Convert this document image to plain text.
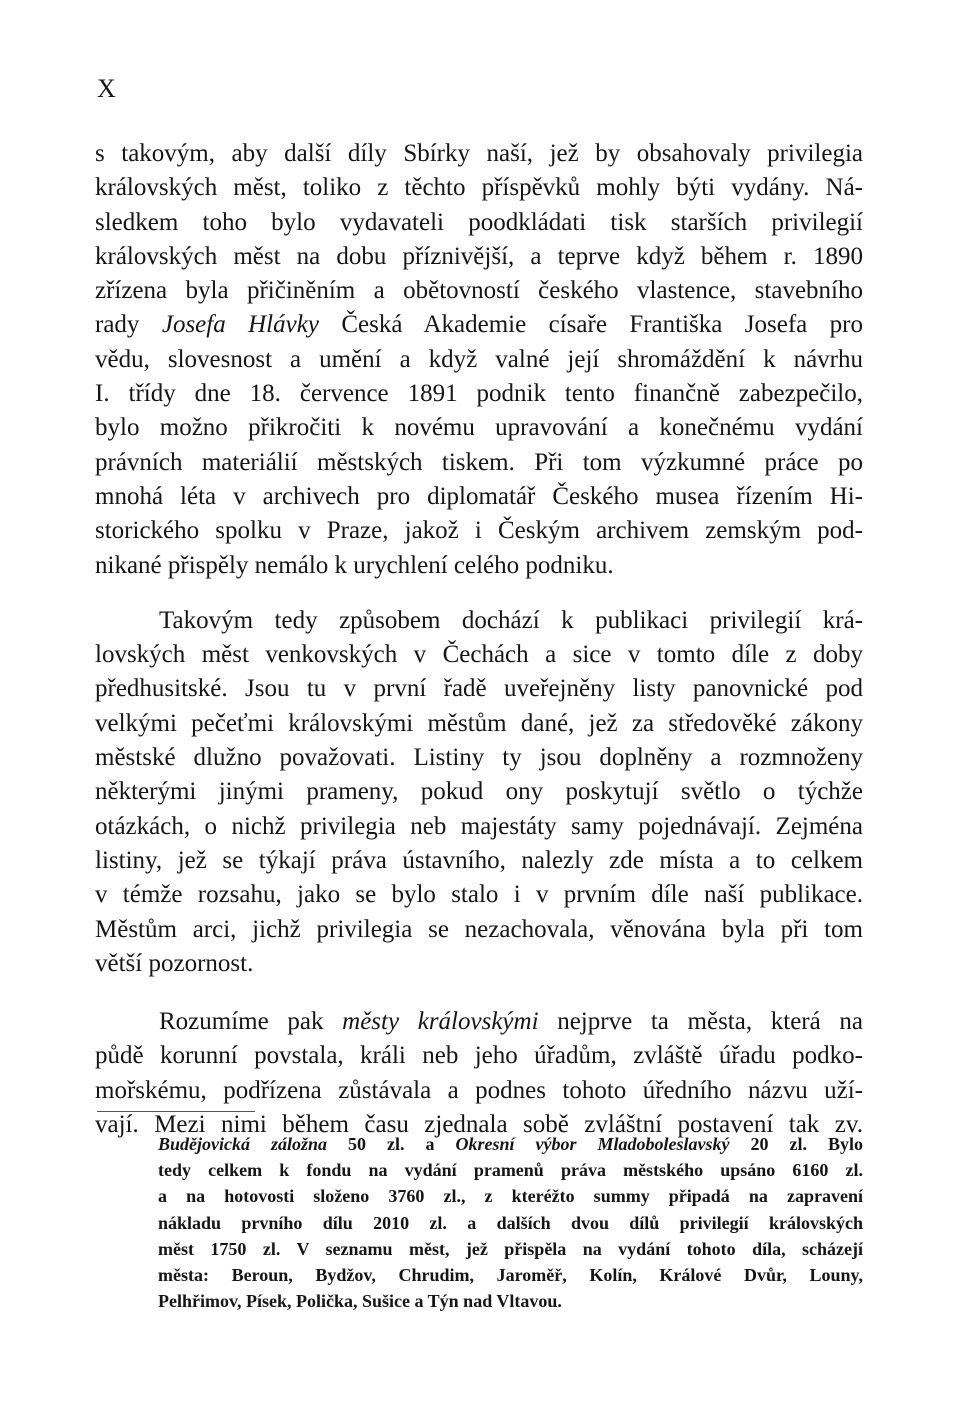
X

s takovým, aby další díly Sbírky naší, jež by obsahovaly privilegia
královských měst, toliko z těchto příspěvků mohly býti vydány. Ná-
sledkem toho bylo vydavateli poodkládati tisk starších privilegií
královských měst na dobu příznivější, a teprve když během r. 1890
zřízena byla přičiněním a obětovností českého vlastence, stavebního
rady Josefa Hlávky Česká Akademie císaře Františka Josefa pro
vědu, slovesnost a umění a když valné její shromáždění k návrhu
I. třídy dne 18. července 1891 podnik tento finančně zabezpečilo,
bylo možno přikročiti k novému upravování a konečnému vydání
právních materiálií městských tiskem. Při tom výzkumné práce po
mnohá léta v archivech pro diplomatář Českého musea řízením Hi-
storického spolku v Praze, jakož i Českým archivem zemským pod-
nikané přispěly nemálo k urychlení celého podniku.

Takovým tedy způsobem dochází k publikaci privilegií krá-
lovských měst venkovských v Čechách a sice v tomto díle z doby
předhusitské. Jsou tu v první řadě uveřejněny listy panovnické pod
velkými pečeťmi královskými městům dané, jež za středověké zákony
městské dlužno považovati. Listiny ty jsou doplněny a rozmnoženy
některými jinými prameny, pokud ony poskytují světlo o týchže
otázkách, o nichž privilegia neb majestáty samy pojednávají. Zejména
listiny, jež se týkají práva ústavního, nalezly zde místa a to celkem
v témže rozsahu, jako se bylo stalo i v prvním díle naší publikace.
Městům arci, jichž privilegia se nezachovala, věnována byla při tom
větší pozornost.

Rozumíme pak městy královskými nejprve ta města, která na
půdě korunní povstala, králi neb jeho úřadům, zvláště úřadu podko-
mořskému, podřízena zůstávala a podnes tohoto úředního názvu uží-
vají. Mezi nimi během času zjednala sobě zvláštní postavení tak zv.

Budějovická záložna 50 zl. a Okresní výbor Mladoboleslavský 20 zl. Bylo
tedy celkem k fondu na vydání pramenů práva městského upsáno 6160 zl.
a na hotovosti složeno 3760 zl., z kteréžto summy připadá na zapravení
nákladu prvního dílu 2010 zl. a dalších dvou dílů privilegií královských
měst 1750 zl. V seznamu měst, jež přispěla na vydání tohoto díla, scházejí
města: Beroun, Bydžov, Chrudim, Jaroměř, Kolín, Králové Dvůr, Louny,
Pelhřimov, Písek, Polička, Sušice a Týn nad Vltavou.
